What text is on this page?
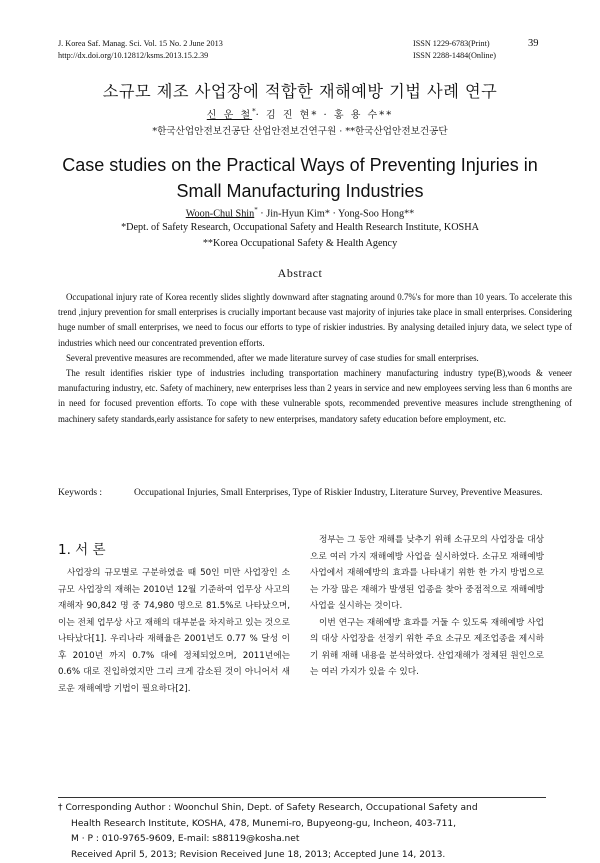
J. Korea Saf. Manag. Sci. Vol. 15 No. 2 June 2013
http://dx.doi.org/10.12812/ksms.2013.15.2.39
ISSN 1229-6783(Print)
ISSN 2288-1484(Online)
39
소규모 제조 사업장에 적합한 재해예방 기법 사례 연구
신 운 철*· 김 진 현* · 홍 용 수**
*한국산업안전보건공단 산업안전보건연구원 · **한국산업안전보건공단
Case studies on the Practical Ways of Preventing Injuries in
Small Manufacturing Industries
Woon-Chul Shin* · Jin-Hyun Kim* · Yong-Soo Hong**
*Dept. of Safety Research, Occupational Safety and Health Research Institute, KOSHA
**Korea Occupational Safety & Health Agency
Abstract

Occupational injury rate of Korea recently slides slightly downward after stagnating around 0.7%'s for more than 10 years. To accelerate this trend ,injury prevention for small enterprises is crucially important because vast majority of injuries take place in small enterprises. Considering huge number of small enterprises, we need to focus our efforts to type of riskier industries. By analysing detailed injury data, we select type of industries which need our concentrated prevention efforts.

Several preventive measures are recommended, after we made literature survey of case studies for small enterprises.

The result identifies riskier type of industries including transportation machinery manufacturing industry type(B),woods & veneer manufacturing industry, etc. Safety of machinery, new enterprises less than 2 years in service and new employees serving less than 6 months are in need for focused prevention efforts. To cope with these vulnerable spots, recommended preventive measures include strengthening of machinery safety standards,early assistance for safety to new enterprises, mandatory safety education before employment, etc.

Keywords :	Occupational Injuries, Small Enterprises, Type of Riskier Industry, Literature Survey, Preventive Measures.
1. 서 론

사업장의 규모별로 구분하였을 때 50인 미만 사업장인 소규모 사업장의 재해는 2010년 12월 기준하여 업무상 사고의 재해자 90,842 명 중 74,980 명으로 81.5%로 나타났으며, 이는 전체 업무상 사고 재해의 대부분을 차지하고 있는 것으로 나타났다[1]. 우리나라 재해율은 2001년도 0.77 % 달성 이후 2010년 까지 0.7% 대에 정체되었으며, 2011년에는 0.6% 대로 진입하였지만 그리 크게 감소된 것이 아니어서 새로운 재해예방 기법이 필요하다[2].

정부는 그 동안 재해를 낮추기 위해 소규모의 사업장을 대상으로 여러 가지 재해예방 사업을 실시하였다. 소규모 재해예방 사업에서 재해예방의 효과를 나타내기 위한 한 가지 방법으로는 가장 많은 재해가 발생된 업종을 찾아 중점적으로 재해예방 사업을 실시하는 것이다.

이번 연구는 재해예방 효과를 거둘 수 있도록 재해예방 사업의 대상 사업장을 선정키 위한 주요 소규모 제조업종을 제시하기 위해 재해 내용을 분석하였다. 산업재해가 정체된 원인으로는 여러 가지가 있을 수 있다.

† Corresponding Author : Woonchul Shin, Dept. of Safety Research, Occupational Safety and
Health Research Institute, KOSHA, 478, Munemi-ro, Bupyeong-gu, Incheon, 403-711,
M · P : 010-9765-9609, E-mail: s88119@kosha.net
Received April 5, 2013; Revision Received June 18, 2013; Accepted June 14, 2013.
